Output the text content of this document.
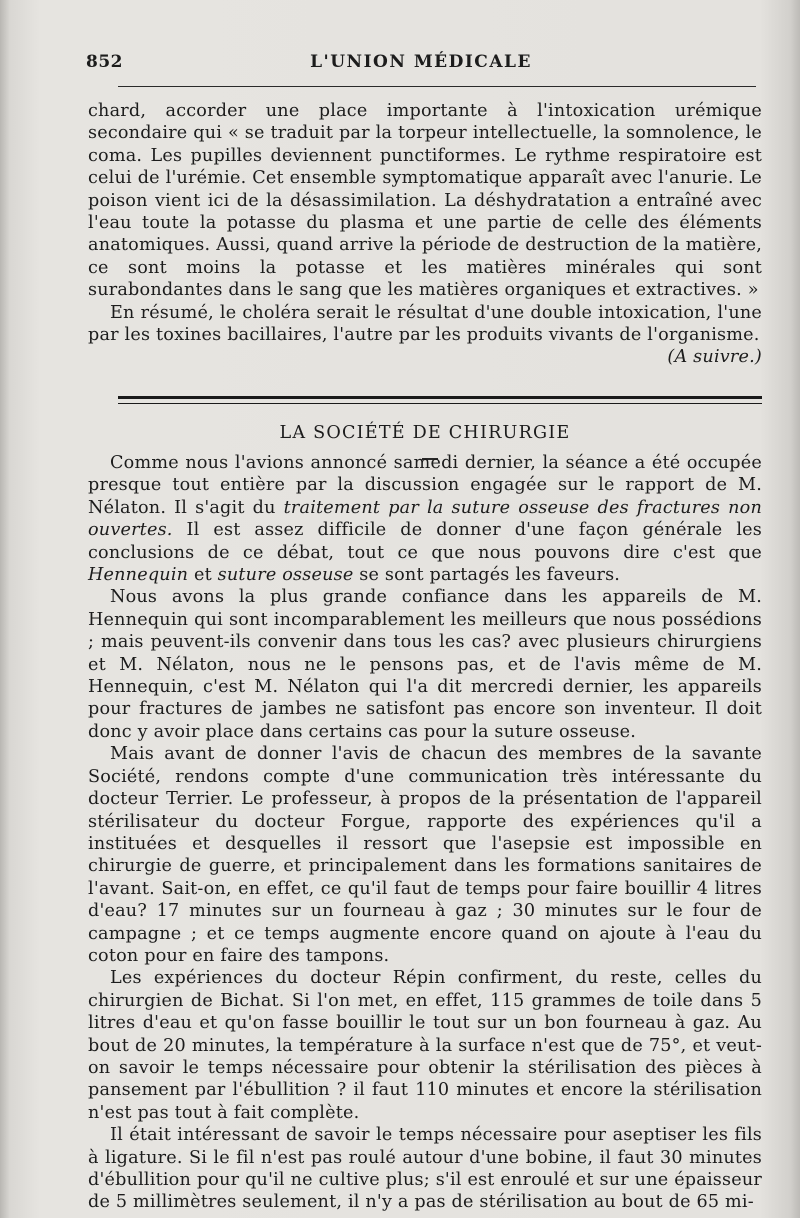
852	L'UNION MÉDICALE

chard, accorder une place importante à l'intoxication urémique secondaire qui « se traduit par la torpeur intellectuelle, la somnolence, le coma. Les pupilles deviennent punctiformes. Le rythme respiratoire est celui de l'urémie. Cet ensemble symptomatique apparaît avec l'anurie. Le poison vient ici de la désassimilation. La déshydratation a entraîné avec l'eau toute la potasse du plasma et une partie de celle des éléments anatomiques. Aussi, quand arrive la période de destruction de la matière, ce sont moins la potasse et les matières minérales qui sont surabondantes dans le sang que les matières organiques et extractives. »

En résumé, le choléra serait le résultat d'une double intoxication, l'une par les toxines bacillaires, l'autre par les produits vivants de l'organisme.

(A suivre.)

LA SOCIÉTÉ DE CHIRURGIE

Comme nous l'avions annoncé samedi dernier, la séance a été occupée presque tout entière par la discussion engagée sur le rapport de M. Nélaton. Il s'agit du traitement par la suture osseuse des fractures non ouvertes. Il est assez difficile de donner d'une façon générale les conclusions de ce débat, tout ce que nous pouvons dire c'est que Hennequin et suture osseuse se sont partagés les faveurs.

Nous avons la plus grande confiance dans les appareils de M. Hennequin qui sont incomparablement les meilleurs que nous possédions ; mais peuvent-ils convenir dans tous les cas? avec plusieurs chirurgiens et M. Nélaton, nous ne le pensons pas, et de l'avis même de M. Hennequin, c'est M. Nélaton qui l'a dit mercredi dernier, les appareils pour fractures de jambes ne satisfont pas encore son inventeur. Il doit donc y avoir place dans certains cas pour la suture osseuse.

Mais avant de donner l'avis de chacun des membres de la savante Société, rendons compte d'une communication très intéressante du docteur Terrier. Le professeur, à propos de la présentation de l'appareil stérilisateur du docteur Forgue, rapporte des expériences qu'il a instituées et desquelles il ressort que l'asepsie est impossible en chirurgie de guerre, et principalement dans les formations sanitaires de l'avant. Sait-on, en effet, ce qu'il faut de temps pour faire bouillir 4 litres d'eau? 17 minutes sur un fourneau à gaz ; 30 minutes sur le four de campagne ; et ce temps augmente encore quand on ajoute à l'eau du coton pour en faire des tampons.

Les expériences du docteur Répin confirment, du reste, celles du chirurgien de Bichat. Si l'on met, en effet, 115 grammes de toile dans 5 litres d'eau et qu'on fasse bouillir le tout sur un bon fourneau à gaz. Au bout de 20 minutes, la température à la surface n'est que de 75°, et veut-on savoir le temps nécessaire pour obtenir la stérilisation des pièces à pansement par l'ébullition ? il faut 110 minutes et encore la stérilisation n'est pas tout à fait complète.

Il était intéressant de savoir le temps nécessaire pour aseptiser les fils à ligature. Si le fil n'est pas roulé autour d'une bobine, il faut 30 minutes d'ébullition pour qu'il ne cultive plus; s'il est enroulé et sur une épaisseur de 5 millimètres seulement, il n'y a pas de stérilisation au bout de 65 mi-
